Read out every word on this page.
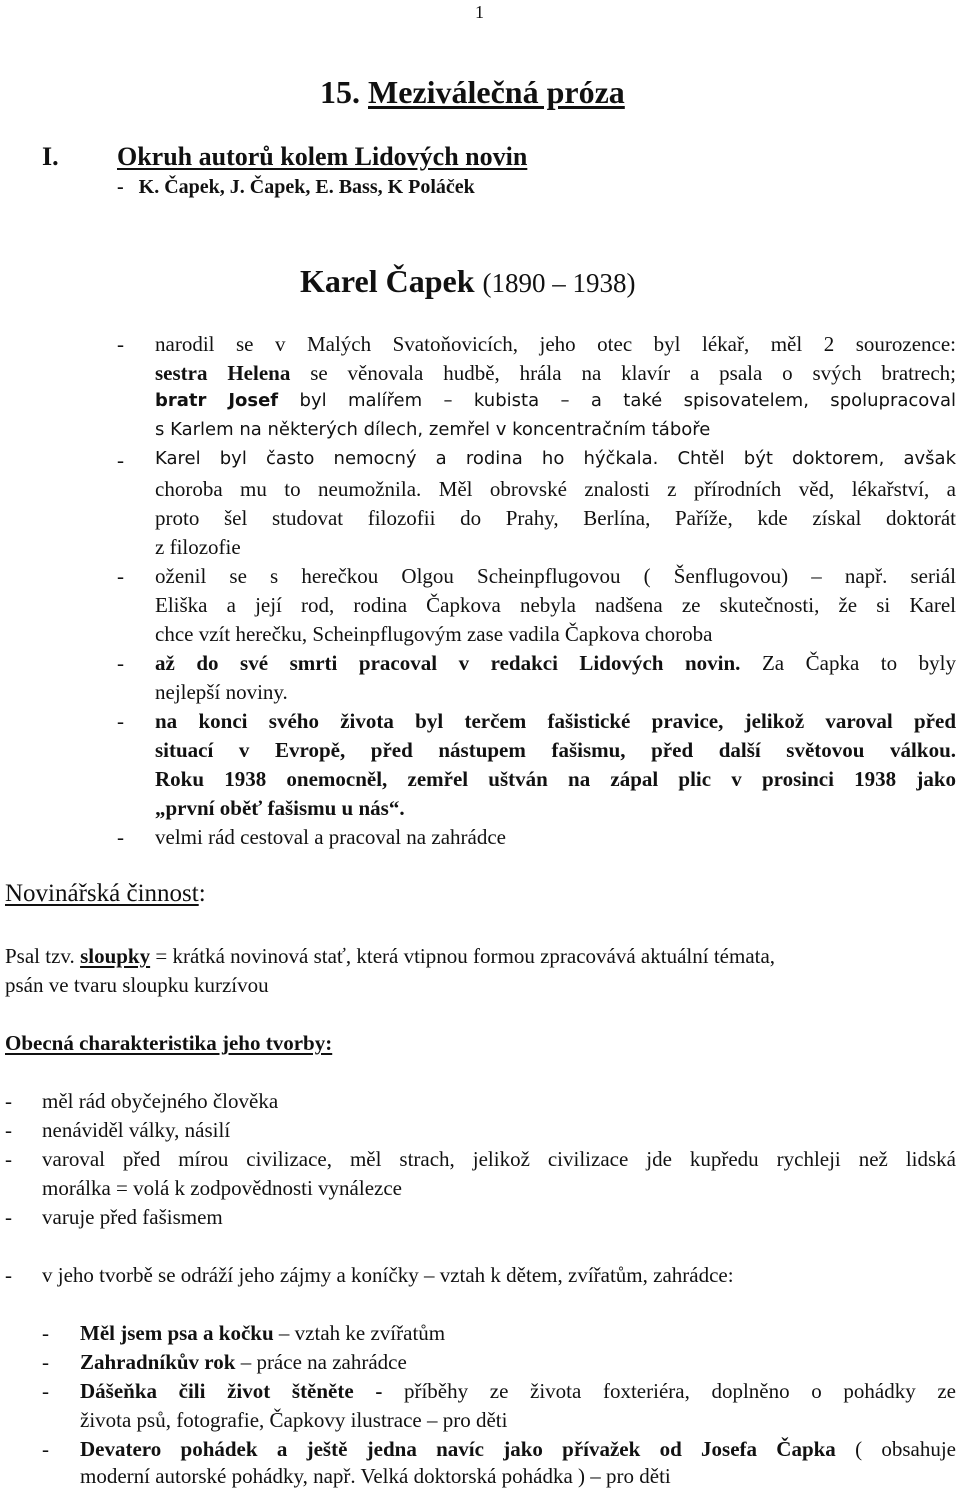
1
15. Meziválečná próza
I. Okruh autorů kolem Lidových novin
-   K. Čapek, J. Čapek, E. Bass, K Poláček
Karel Čapek (1890 – 1938)
- narodil se v Malých Svatoňovicích, jeho otec byl lékař, měl 2 sourozence:
sestra Helena se věnovala hudbě, hrála na klavír a psala o svých bratrech;
bratr Josef byl malířem – kubista – a také spisovatelem, spolupracoval
s Karlem na některých dílech, zemřel v koncentračním táboře
- Karel byl často nemocný a rodina ho hýčkala. Chtěl být doktorem, avšak
choroba mu to neumožnila. Měl obrovské znalosti z přírodních věd, lékařství, a
proto šel studovat filozofii do Prahy, Berlína, Paříže, kde získal doktorát
z filozofie
- oženil se s herečkou Olgou Scheinpflugovou ( Šenflugovou) – např. seriál
Eliška a její rod, rodina Čapkova nebyla nadšena ze skutečnosti, že si Karel
chce vzít herečku, Scheinpflugovým zase vadila Čapkova choroba
- až do své smrti pracoval v redakci Lidových novin. Za Čapka to byly
nejlepší noviny.
- na konci svého života byl terčem fašistické pravice, jelikož varoval před
situací v Evropě, před nástupem fašismu, před další světovou válkou.
Roku 1938 onemocněl, zemřel uštván na zápal plic v prosinci 1938 jako
„první oběť fašismu u nás“.
- velmi rád cestoval a pracoval na zahrádce
Novinářská činnost:
Psal tzv. sloupky = krátká novinová stať, která vtipnou formou zpracovává aktuální témata,
psán ve tvaru sloupku kurzívou
Obecná charakteristika jeho tvorby:
- měl rád obyčejného člověka
- nenáviděl války, násilí
- varoval před mírou civilizace, měl strach, jelikož civilizace jde kupředu rychleji než lidská
morálka = volá k zodpovědnosti vynálezce
- varuje před fašismem
- v jeho tvorbě se odráží jeho zájmy a koníčky – vztah k dětem, zvířatům, zahrádce:
- Měl jsem psa a kočku – vztah ke zvířatům
- Zahradníkův rok – práce na zahrádce
- Dášeňka čili život štěněte - příběhy ze života foxteriéra, doplněno o pohádky ze
života psů, fotografie, Čapkovy ilustrace – pro děti
- Devatero pohádek a ještě jedna navíc jako přívažek od Josefa Čapka ( obsahuje
moderní autorské pohádky, např. Velká doktorská pohádka ) – pro děti
